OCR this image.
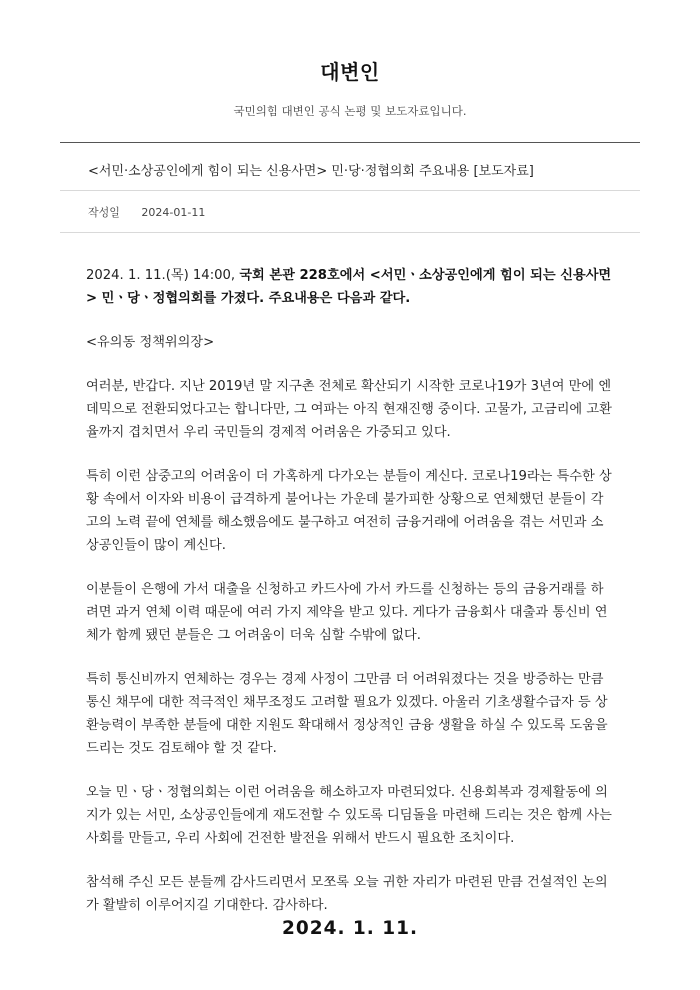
대변인
국민의힘 대변인 공식 논평 및 보도자료입니다.
<서민·소상공인에게 힘이 되는 신용사면> 민·당·정협의회 주요내용 [보도자료]
작성일 2024-01-11

2024. 1. 11.(목) 14:00, 국회 본관 228호에서 <서민ㆍ소상공인에게 힘이 되는 신용사면> 민ㆍ당ㆍ정협의회를 가졌다. 주요내용은 다음과 같다.

<유의동 정책위의장>

여러분, 반갑다. 지난 2019년 말 지구촌 전체로 확산되기 시작한 코로나19가 3년여 만에 엔데믹으로 전환되었다고는 합니다만, 그 여파는 아직 현재진행 중이다. 고물가, 고금리에 고환율까지 겹치면서 우리 국민들의 경제적 어려움은 가중되고 있다.

특히 이런 삼중고의 어려움이 더 가혹하게 다가오는 분들이 계신다. 코로나19라는 특수한 상황 속에서 이자와 비용이 급격하게 불어나는 가운데 불가피한 상황으로 연체했던 분들이 각고의 노력 끝에 연체를 해소했음에도 불구하고 여전히 금융거래에 어려움을 겪는 서민과 소상공인들이 많이 계신다.

이분들이 은행에 가서 대출을 신청하고 카드사에 가서 카드를 신청하는 등의 금융거래를 하려면 과거 연체 이력 때문에 여러 가지 제약을 받고 있다. 게다가 금융회사 대출과 통신비 연체가 함께 됐던 분들은 그 어려움이 더욱 심할 수밖에 없다.

특히 통신비까지 연체하는 경우는 경제 사정이 그만큼 더 어려워졌다는 것을 방증하는 만큼 통신 채무에 대한 적극적인 채무조정도 고려할 필요가 있겠다. 아울러 기초생활수급자 등 상환능력이 부족한 분들에 대한 지원도 확대해서 정상적인 금융 생활을 하실 수 있도록 도움을 드리는 것도 검토해야 할 것 같다.

오늘 민ㆍ당ㆍ정협의회는 이런 어려움을 해소하고자 마련되었다. 신용회복과 경제활동에 의지가 있는 서민, 소상공인들에게 재도전할 수 있도록 디딤돌을 마련해 드리는 것은 함께 사는 사회를 만들고, 우리 사회에 건전한 발전을 위해서 반드시 필요한 조치이다.

참석해 주신 모든 분들께 감사드리면서 모쪼록 오늘 귀한 자리가 마련된 만큼 건설적인 논의가 활발히 이루어지길 기대한다. 감사하다.

2024. 1. 11.
